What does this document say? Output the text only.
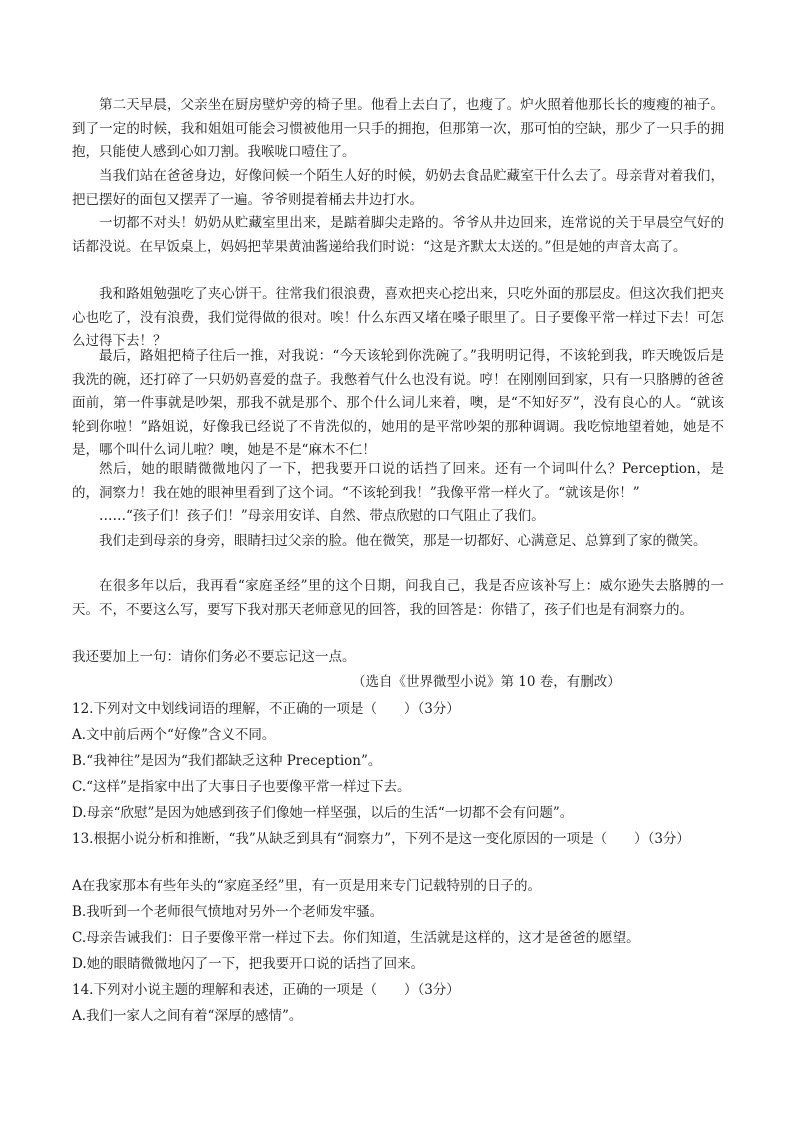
第二天早晨，父亲坐在厨房壁炉旁的椅子里。他看上去白了，也瘦了。炉火照着他那长长的瘦瘦的袖子。到了一定的时候，我和姐姐可能会习惯被他用一只手的拥抱，但那第一次，那可怕的空缺，那少了一只手的拥抱，只能使人感到心如刀割。我喉咙口噎住了。

当我们站在爸爸身边，好像问候一个陌生人好的时候，奶奶去食品贮藏室干什么去了。母亲背对着我们，把已摆好的面包又摆弄了一遍。爷爷则提着桶去井边打水。

一切都不对头！奶奶从贮藏室里出来，是踮着脚尖走路的。爷爷从井边回来，连常说的关于早晨空气好的话都没说。在早饭桌上，妈妈把苹果黄油酱递给我们时说：“这是齐默太太送的。”但是她的声音太高了。

我和路姐勉强吃了夹心饼干。往常我们很浪费，喜欢把夹心挖出来，只吃外面的那层皮。但这次我们把夹心也吃了，没有浪费，我们觉得做的很对。唉！什么东西又堵在嗓子眼里了。日子要像平常一样过下去！可怎么过得下去！？

最后，路姐把椅子往后一推，对我说：“今天该轮到你洗碗了。”我明明记得，不该轮到我，昨天晚饭后是我洗的碗，还打碎了一只奶奶喜爱的盘子。我憋着气什么也没有说。哼！在刚刚回到家，只有一只胳膊的爸爸面前，第一件事就是吵架，那我不就是那个、那个什么词儿来着，噢，是“不知好歹”，没有良心的人。“就该轮到你啦！”路姐说，好像我已经说了不肯洗似的，她用的是平常吵架的那种调调。我吃惊地望着她，她是不是，哪个叫什么词儿啦？噢，她是不是“麻木不仁！

然后，她的眼睛微微地闪了一下，把我要开口说的话挡了回来。还有一个词叫什么？Perception，是的，洞察力！我在她的眼神里看到了这个词。“不该轮到我！”我像平常一样火了。“就该是你！”

……“孩子们！孩子们！”母亲用安详、自然、带点欣慰的口气阻止了我们。

我们走到母亲的身旁，眼睛扫过父亲的脸。他在微笑，那是一切都好、心满意足、总算到了家的微笑。

在很多年以后，我再看“家庭圣经”里的这个日期，问我自己，我是否应该补写上：威尔逊失去胳膊的一天。不，不要这么写，要写下我对那天老师意见的回答，我的回答是：你错了，孩子们也是有洞察力的。

我还要加上一句：请你们务必不要忘记这一点。

（选自《世界微型小说》第 10 卷，有删改）

12.下列对文中划线词语的理解，不正确的一项是（　　）（3分）

A.文中前后两个“好像”含义不同。

B.“我神往”是因为“我们都缺乏这种 Preception”。

C.“这样”是指家中出了大事日子也要像平常一样过下去。

D.母亲“欣慰”是因为她感到孩子们像她一样坚强，以后的生活“一切都不会有问题”。

13.根据小说分析和推断，“我”从缺乏到具有“洞察力”，下列不是这一变化原因的一项是（　　）（3分）

A在我家那本有些年头的“家庭圣经”里，有一页是用来专门记载特别的日子的。

B.我听到一个老师很气愤地对另外一个老师发牢骚。

C.母亲告诫我们：日子要像平常一样过下去。你们知道，生活就是这样的，这才是爸爸的愿望。

D.她的眼睛微微地闪了一下，把我要开口说的话挡了回来。

14.下列对小说主题的理解和表述，正确的一项是（　　）（3分）

A.我们一家人之间有着“深厚的感情”。
